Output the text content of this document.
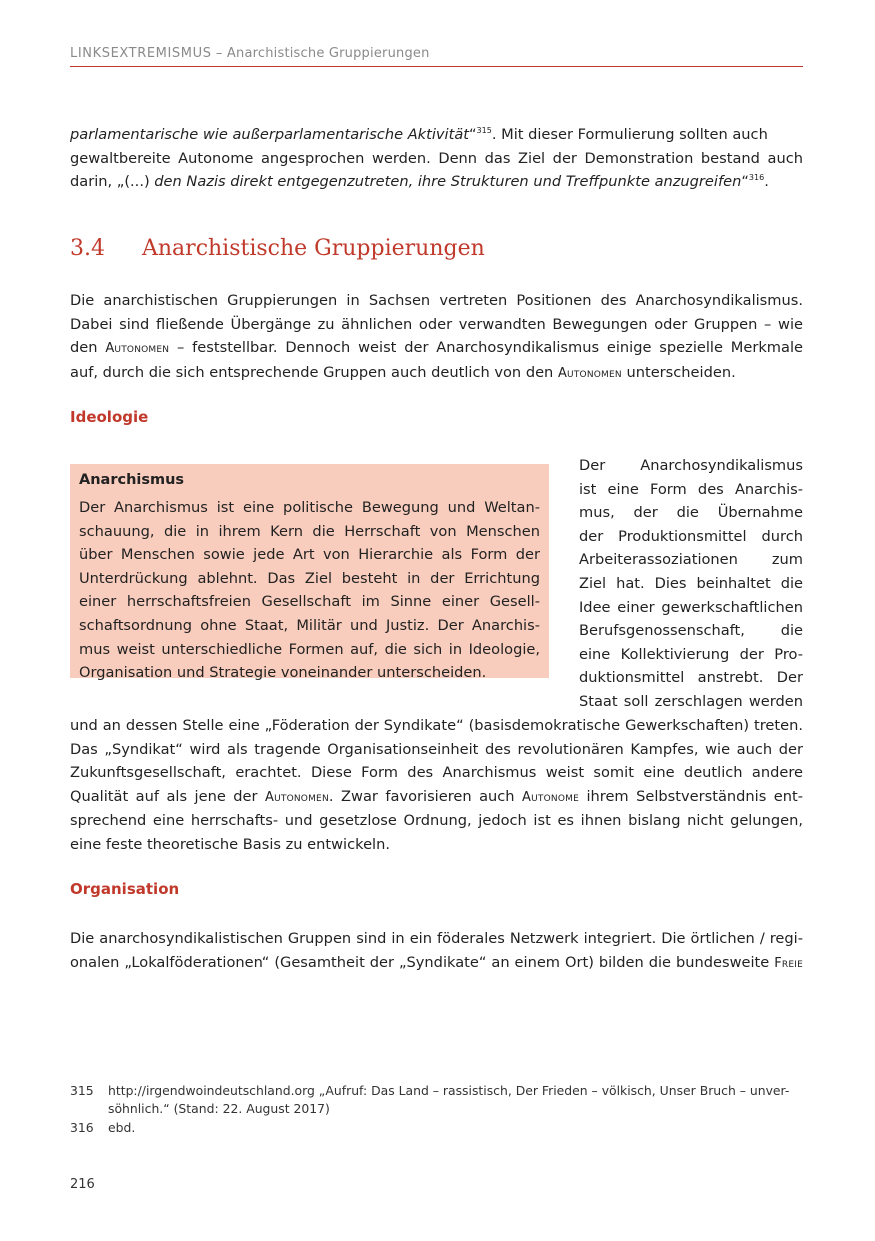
LINKSEXTREMISMUS – Anarchistische Gruppierungen
parlamentarische wie außerparlamentarische Aktivität“$^{315}$. Mit dieser Formulierung sollten auch
gewaltbereite Autonome angesprochen werden. Denn das Ziel der Demonstration bestand auch
darin, „(...) den Nazis direkt entgegenzutreten, ihre Strukturen und Treffpunkte anzugreifen“$^{316}$.
3.4 Anarchistische Gruppierungen
Die anarchistischen Gruppierungen in Sachsen vertreten Positionen des Anarchosyndikalismus.
Dabei sind fließende Übergänge zu ähnlichen oder verwandten Bewegungen oder Gruppen – wie
den Autonomen – feststellbar. Dennoch weist der Anarchosyndikalismus einige spezielle Merkmale
auf, durch die sich entsprechende Gruppen auch deutlich von den Autonomen unterscheiden.
Ideologie
Anarchismus
Der Anarchismus ist eine politische Bewegung und Weltan-
schauung, die in ihrem Kern die Herrschaft von Menschen
über Menschen sowie jede Art von Hierarchie als Form der
Unterdrückung ablehnt. Das Ziel besteht in der Errichtung
einer herrschaftsfreien Gesellschaft im Sinne einer Gesell-
schaftsordnung ohne Staat, Militär und Justiz. Der Anarchis-
mus weist unterschiedliche Formen auf, die sich in Ideologie,
Organisation und Strategie voneinander unterscheiden.
Der Anarchosyndikalismus
ist eine Form des Anarchis-
mus, der die Übernahme
der Produktionsmittel durch
Arbeiterassoziationen zum
Ziel hat. Dies beinhaltet die
Idee einer gewerkschaftlichen
Berufsgenossenschaft, die
eine Kollektivierung der Pro-
duktionsmittel anstrebt. Der
Staat soll zerschlagen werden
und an dessen Stelle eine „Föderation der Syndikate“ (basisdemokratische Gewerkschaften) treten.
Das „Syndikat“ wird als tragende Organisationseinheit des revolutionären Kampfes, wie auch der
Zukunftsgesellschaft, erachtet. Diese Form des Anarchismus weist somit eine deutlich andere
Qualität auf als jene der Autonomen. Zwar favorisieren auch Autonome ihrem Selbstverständnis ent-
sprechend eine herrschafts- und gesetzlose Ordnung, jedoch ist es ihnen bislang nicht gelungen,
eine feste theoretische Basis zu entwickeln.
Organisation
Die anarchosyndikalistischen Gruppen sind in ein föderales Netzwerk integriert. Die örtlichen / regi-
onalen „Lokalföderationen“ (Gesamtheit der „Syndikate“ an einem Ort) bilden die bundesweite Freie
315 http://irgendwoindeutschland.org „Aufruf: Das Land – rassistisch, Der Frieden – völkisch, Unser Bruch – unver-
söhnlich.“ (Stand: 22. August 2017)
316 ebd.
216
